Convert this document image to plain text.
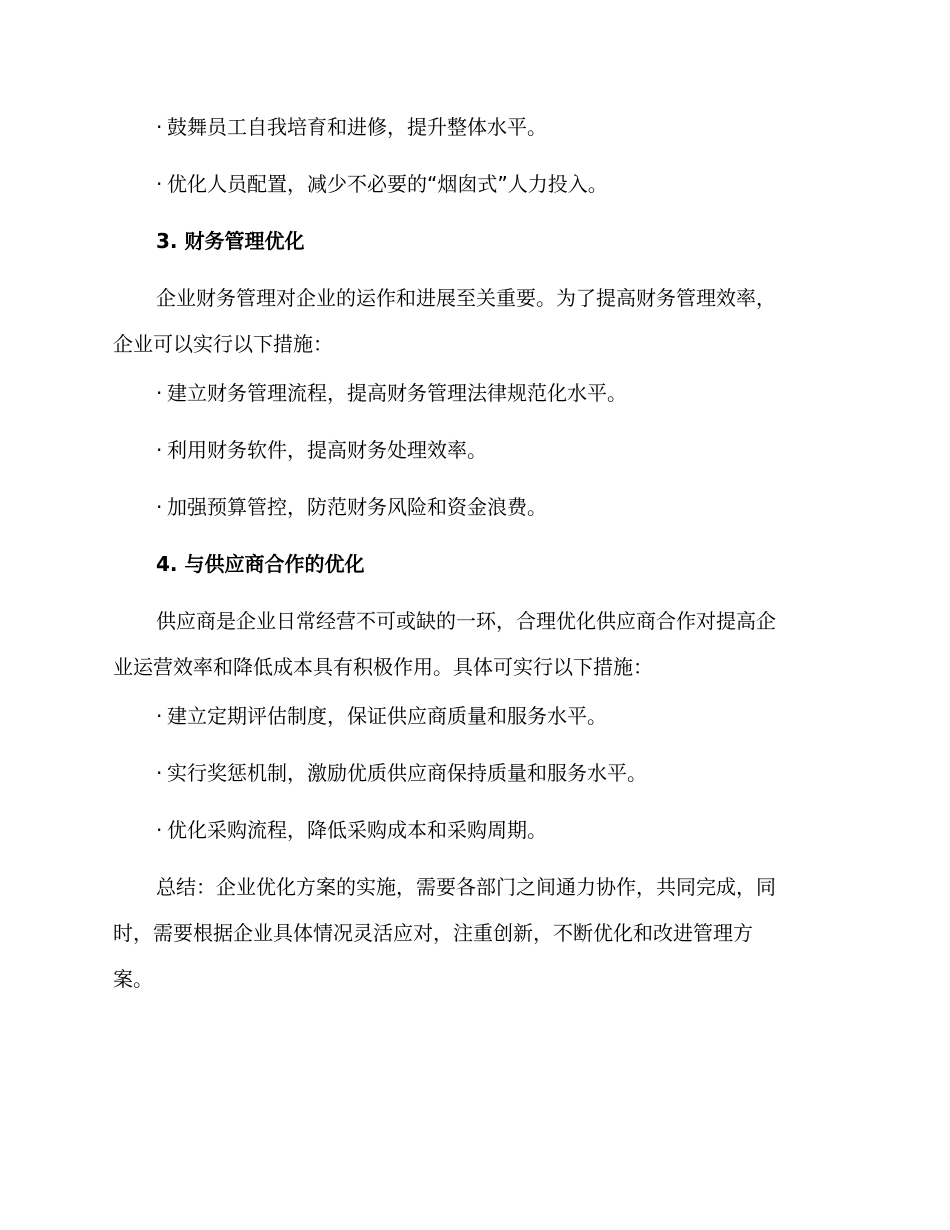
· 鼓舞员工自我培育和进修，提升整体水平。
· 优化人员配置，减少不必要的“烟囱式”人力投入。
3. 财务管理优化
企业财务管理对企业的运作和进展至关重要。为了提高财务管理效率，
企业可以实行以下措施：
· 建立财务管理流程，提高财务管理法律规范化水平。
· 利用财务软件，提高财务处理效率。
· 加强预算管控，防范财务风险和资金浪费。
4. 与供应商合作的优化
供应商是企业日常经营不可或缺的一环，合理优化供应商合作对提高企
业运营效率和降低成本具有积极作用。具体可实行以下措施：
· 建立定期评估制度，保证供应商质量和服务水平。
· 实行奖惩机制，激励优质供应商保持质量和服务水平。
· 优化采购流程，降低采购成本和采购周期。
总结：企业优化方案的实施，需要各部门之间通力协作，共同完成，同
时，需要根据企业具体情况灵活应对，注重创新，不断优化和改进管理方
案。
